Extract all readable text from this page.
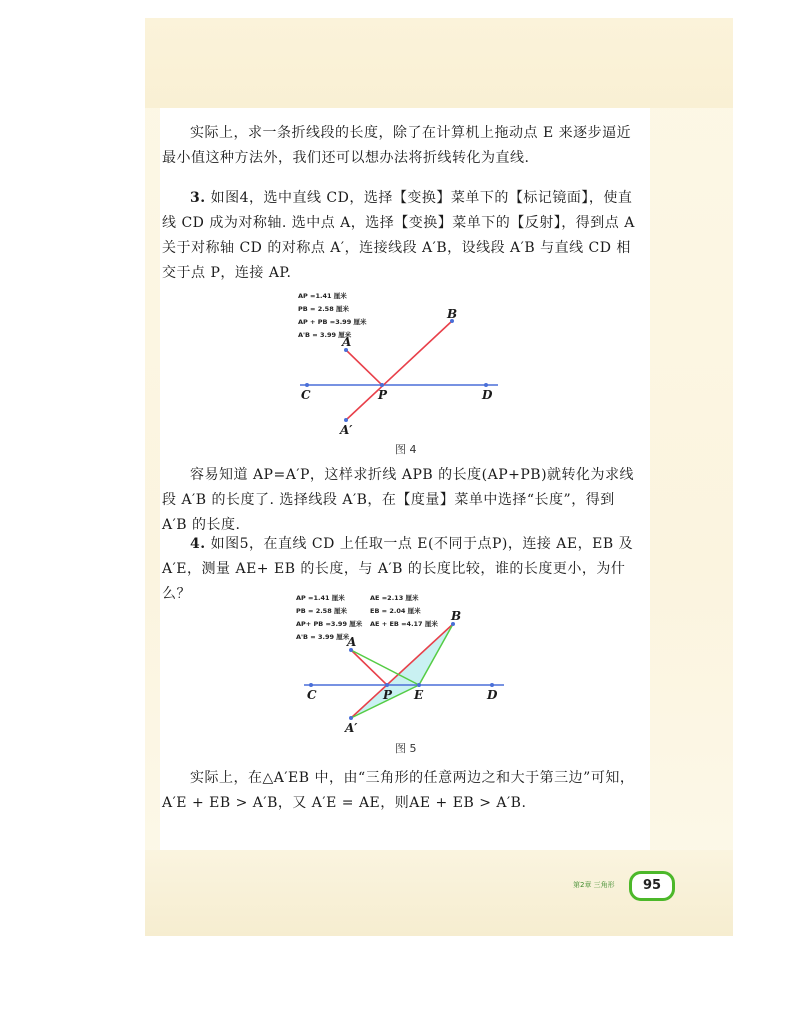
实际上，求一条折线段的长度，除了在计算机上拖动点 E 来逐步逼近最小值这种方法外，我们还可以想办法将折线转化为直线.

3. 如图4，选中直线 CD，选择【变换】菜单下的【标记镜面】，使直线 CD 成为对称轴. 选中点 A，选择【变换】菜单下的【反射】，得到点 A 关于对称轴 CD 的对称点 A′，连接线段 A′B，设线段 A′B 与直线 CD 相交于点 P，连接 AP.

AP =1.41 厘米
PB = 2.58 厘米
AP + PB =3.99 厘米
A'B = 3.99 厘米
A
B
C	P	D
A′
图 4

容易知道 AP=A′P，这样求折线 APB 的长度(AP+PB)就转化为求线段 A′B 的长度了. 选择线段 A′B，在【度量】菜单中选择“长度”，得到 A′B 的长度.

4. 如图5，在直线 CD 上任取一点 E(不同于点P)，连接 AE，EB 及A′E，测量 AE+ EB 的长度，与 A′B 的长度比较，谁的长度更小，为什么？	AP =1.41 厘米
PB = 2.58 厘米
AP+ PB =3.99 厘米
A'B = 3.99 厘米
AE =2.13 厘米
EB = 2.04 厘米
AE + EB =4.17 厘米
A
B
C	P E	D
A′
图 5

实际上，在△A′EB 中，由“三角形的任意两边之和大于第三边”可知，A′E + EB > A′B，又 A′E = AE，则AE + EB > A′B.

第2章 三角形	95
